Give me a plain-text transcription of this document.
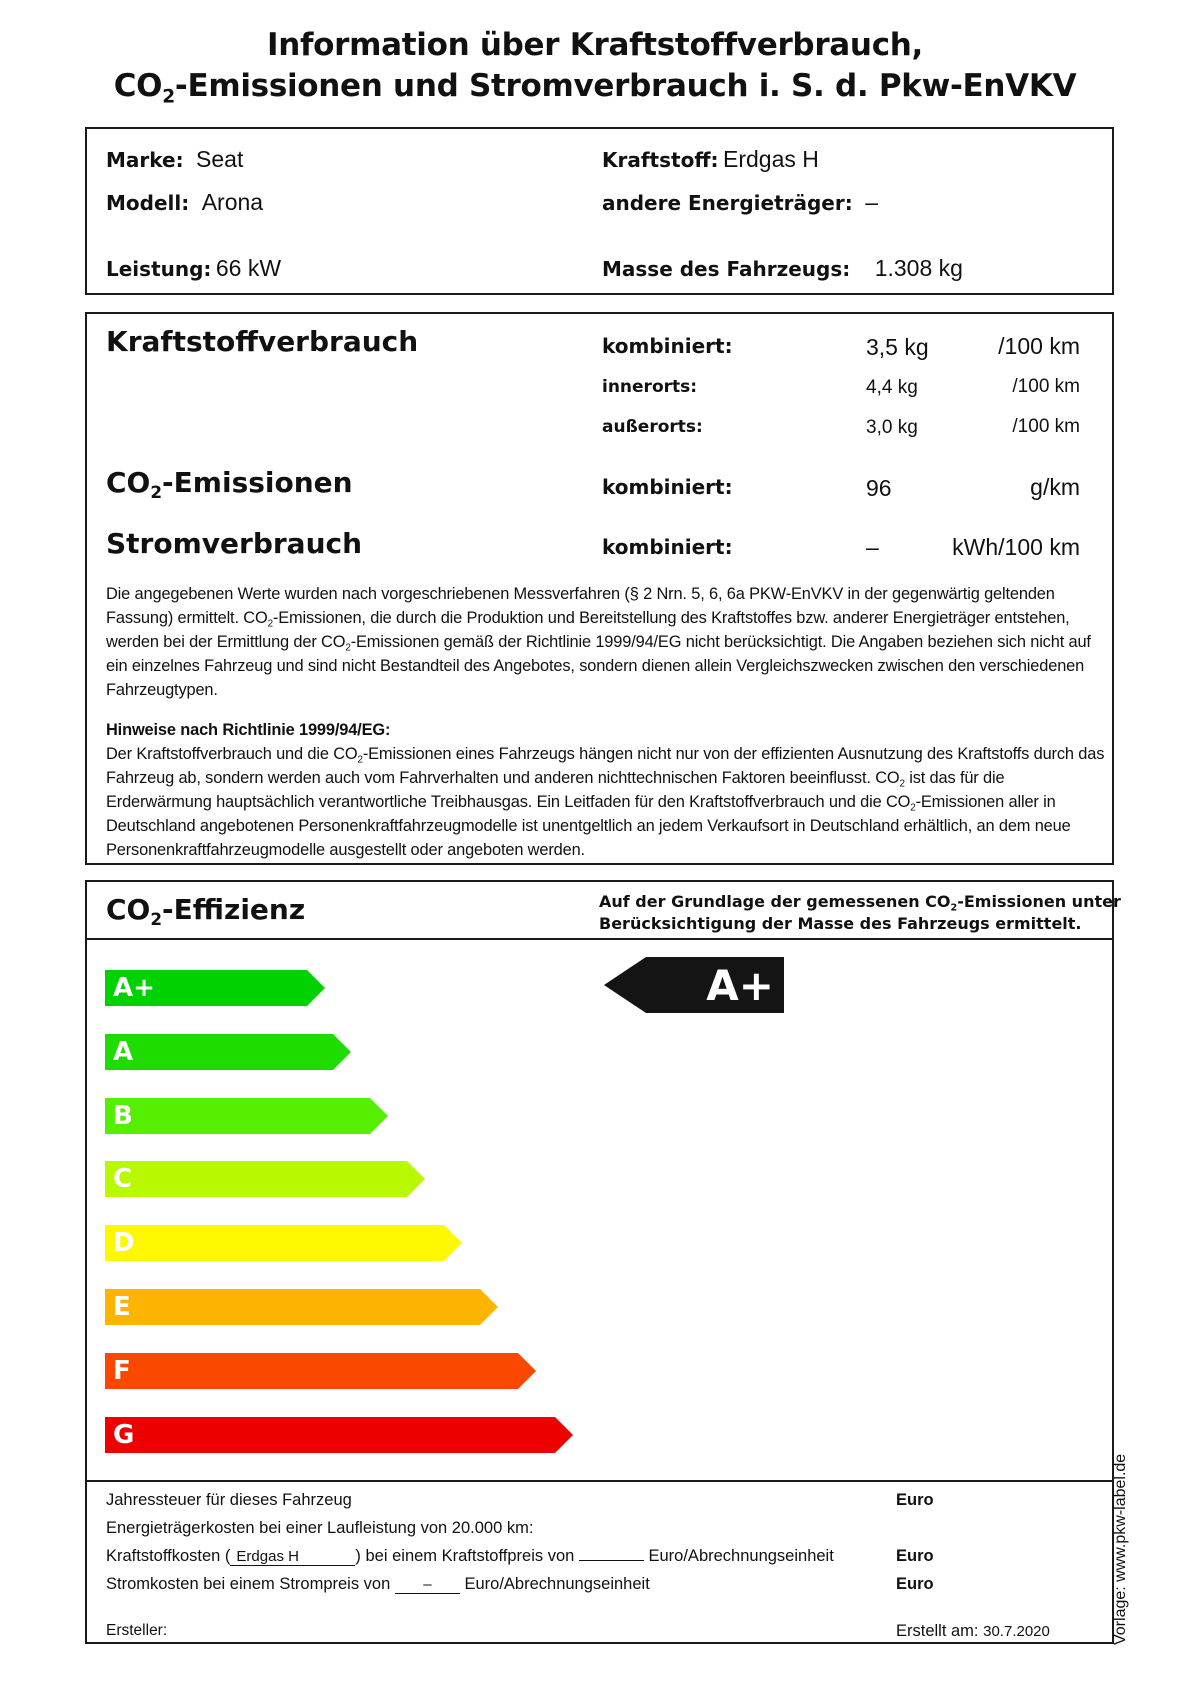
Information über Kraftstoffverbrauch,
$CO_2$-Emissionen und Stromverbrauch i. S. d. Pkw-EnVKV
Marke: Seat
Modell: Arona
Leistung: 66 kW
Kraftstoff: Erdgas H
andere Energieträger: –
Masse des Fahrzeugs: 1.308 kg
Kraftstoffverbrauch	kombiniert:	3,5 kg	/100 km
innerorts:	4,4 kg	/100 km
außerorts:	3,0 kg	/100 km
$CO_2$-Emissionen	kombiniert:	96	g/km
Stromverbrauch	kombiniert:	–	kWh/100 km
Die angegebenen Werte wurden nach vorgeschriebenen Messverfahren (§ 2 Nrn. 5, 6, 6a PKW-EnVKV in der gegenwärtig geltenden Fassung) ermittelt. $CO_2$-Emissionen, die durch die Produktion und Bereitstellung des Kraftstoffes bzw. anderer Energieträger entstehen, werden bei der Ermittlung der $CO_2$-Emissionen gemäß der Richtlinie 1999/94/EG nicht berücksichtigt. Die Angaben beziehen sich nicht auf ein einzelnes Fahrzeug und sind nicht Bestandteil des Angebotes, sondern dienen allein Vergleichszwecken zwischen den verschiedenen Fahrzeugtypen.
Hinweise nach Richtlinie 1999/94/EG:
Der Kraftstoffverbrauch und die $CO_2$-Emissionen eines Fahrzeugs hängen nicht nur von der effizienten Ausnutzung des Kraftstoffs durch das Fahrzeug ab, sondern werden auch vom Fahrverhalten und anderen nichttechnischen Faktoren beeinflusst. $CO_2$ ist das für die Erderwärmung hauptsächlich verantwortliche Treibhausgas. Ein Leitfaden für den Kraftstoffverbrauch und die $CO_2$-Emissionen aller in Deutschland angebotenen Personenkraftfahrzeugmodelle ist unentgeltlich an jedem Verkaufsort in Deutschland erhältlich, an dem neue Personenkraftfahrzeugmodelle ausgestellt oder angeboten werden.
$CO_2$-Effizienz	Auf der Grundlage der gemessenen $CO_2$-Emissionen unter
Berücksichtigung der Masse des Fahrzeugs ermittelt.
A+
A
B
C
D
E
F
G
A+
Jahressteuer für dieses Fahrzeug	Euro
Energieträgerkosten bei einer Laufleistung von 20.000 km:
Kraftstoffkosten ( Erdgas H	) bei einem Kraftstoffpreis von	Euro/Abrechnungseinheit	Euro
Stromkosten bei einem Strompreis von – Euro/Abrechnungseinheit	Euro
Ersteller:	Erstellt am: 30.7.2020	Vorlage: www.pkw-label.de
